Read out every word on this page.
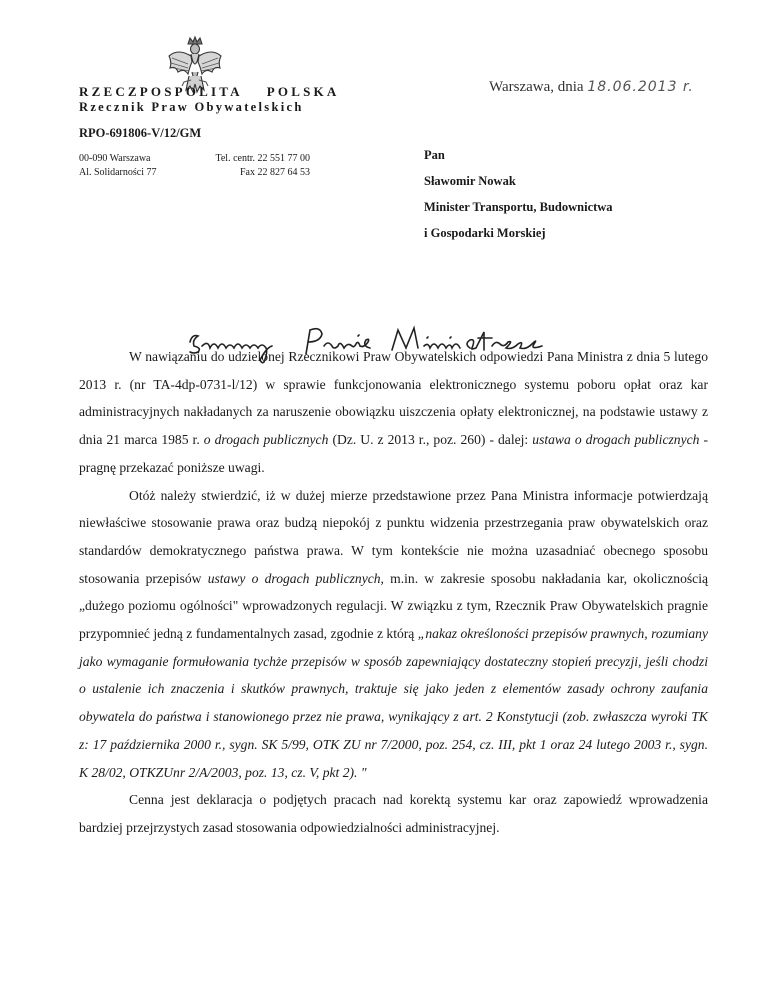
RZECZPOSPOLITA POLSKA
Rzecznik Praw Obywatelskich
RPO-691806-V/12/GM
00-090 Warszawa
Al. Solidarności 77
Tel. centr. 22 551 77 00
Fax 22 827 64 53
Warszawa, dnia 18.06.2013 r.
Pan
Sławomir Nowak
Minister Transportu, Budownictwa
i Gospodarki Morskiej

W nawiązaniu do udzielonej Rzecznikowi Praw Obywatelskich odpowiedzi Pana Ministra z dnia 5 lutego 2013 r. (nr TA-4dp-0731-l/12) w sprawie funkcjonowania elektronicznego systemu poboru opłat oraz kar administracyjnych nakładanych za naruszenie obowiązku uiszczenia opłaty elektronicznej, na podstawie ustawy z dnia 21 marca 1985 r. o drogach publicznych (Dz. U. z 2013 r., poz. 260) - dalej: ustawa o drogach publicznych - pragnę przekazać poniższe uwagi.

Otóż należy stwierdzić, iż w dużej mierze przedstawione przez Pana Ministra informacje potwierdzają niewłaściwe stosowanie prawa oraz budzą niepokój z punktu widzenia przestrzegania praw obywatelskich oraz standardów demokratycznego państwa prawa. W tym kontekście nie można uzasadniać obecnego sposobu stosowania przepisów ustawy o drogach publicznych, m.in. w zakresie sposobu nakładania kar, okolicznością „dużego poziomu ogólności" wprowadzonych regulacji. W związku z tym, Rzecznik Praw Obywatelskich pragnie przypomnieć jedną z fundamentalnych zasad, zgodnie z którą „nakaz określoności przepisów prawnych, rozumiany jako wymaganie formułowania tychże przepisów w sposób zapewniający dostateczny stopień precyzji, jeśli chodzi o ustalenie ich znaczenia i skutków prawnych, traktuje się jako jeden z elementów zasady ochrony zaufania obywatela do państwa i stanowionego przez nie prawa, wynikający z art. 2 Konstytucji (zob. zwłaszcza wyroki TK z: 17 października 2000 r., sygn. SK 5/99, OTK ZU nr 7/2000, poz. 254, cz. III, pkt 1 oraz 24 lutego 2003 r., sygn. K 28/02, OTKZUnr 2/A/2003, poz. 13, cz. V, pkt 2). "

Cenna jest deklaracja o podjętych pracach nad korektą systemu kar oraz zapowiedź wprowadzenia bardziej przejrzystych zasad stosowania odpowiedzialności administracyjnej.
